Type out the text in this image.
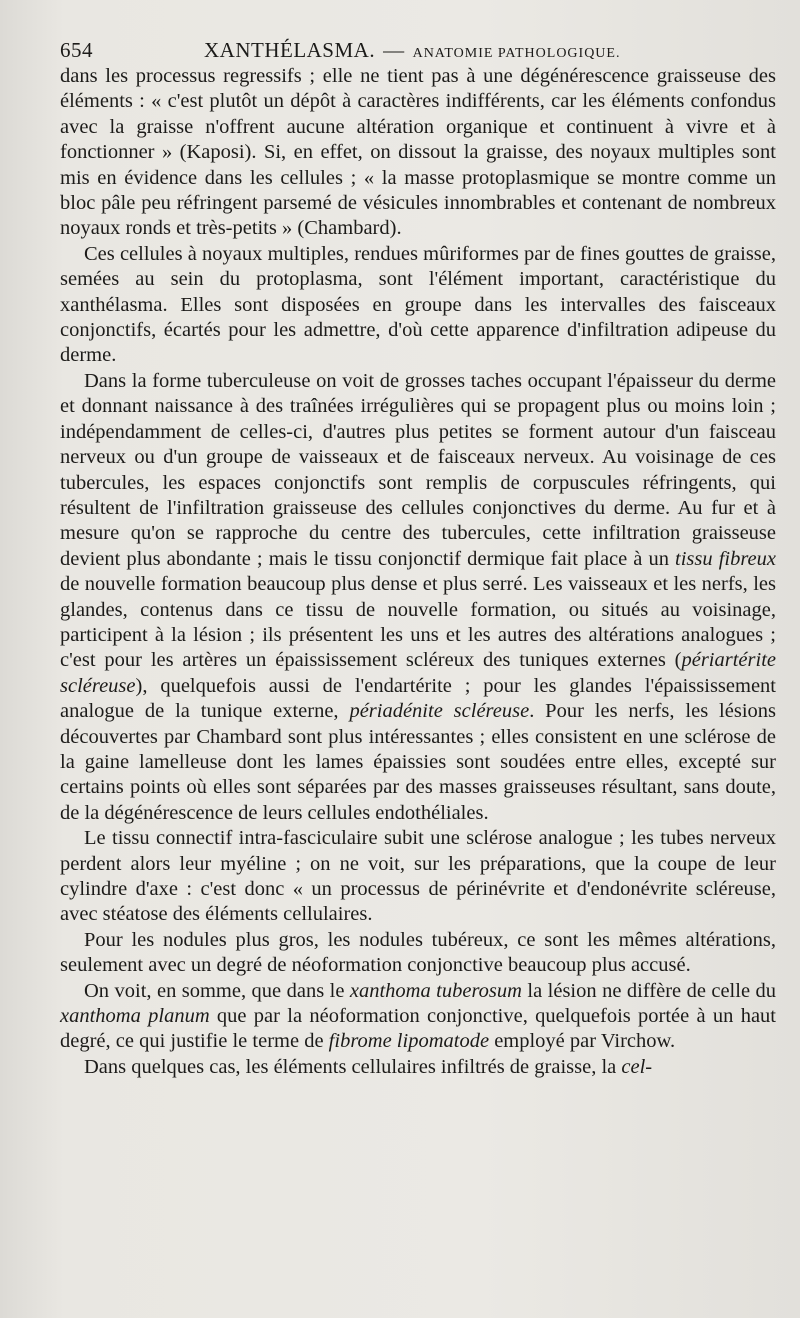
654	XANTHÉLASMA. — ANATOMIE PATHOLOGIQUE.

dans les processus regressifs ; elle ne tient pas à une dégénérescence graisseuse des éléments : « c'est plutôt un dépôt à caractères indifférents, car les éléments confondus avec la graisse n'offrent aucune altération organique et continuent à vivre et à fonctionner » (Kaposi). Si, en effet, on dissout la graisse, des noyaux multiples sont mis en évidence dans les cellules ; « la masse protoplasmique se montre comme un bloc pâle peu réfringent parsemé de vésicules innombrables et contenant de nombreux noyaux ronds et très-petits » (Chambard).

Ces cellules à noyaux multiples, rendues mûriformes par de fines gouttes de graisse, semées au sein du protoplasma, sont l'élément important, caractéristique du xanthélasma. Elles sont disposées en groupe dans les intervalles des faisceaux conjonctifs, écartés pour les admettre, d'où cette apparence d'infiltration adipeuse du derme.

Dans la forme tuberculeuse on voit de grosses taches occupant l'épaisseur du derme et donnant naissance à des traînées irrégulières qui se propagent plus ou moins loin ; indépendamment de celles-ci, d'autres plus petites se forment autour d'un faisceau nerveux ou d'un groupe de vaisseaux et de faisceaux nerveux. Au voisinage de ces tubercules, les espaces conjonctifs sont remplis de corpuscules réfringents, qui résultent de l'infiltration graisseuse des cellules conjonctives du derme. Au fur et à mesure qu'on se rapproche du centre des tubercules, cette infiltration graisseuse devient plus abondante ; mais le tissu conjonctif dermique fait place à un tissu fibreux de nouvelle formation beaucoup plus dense et plus serré. Les vaisseaux et les nerfs, les glandes, contenus dans ce tissu de nouvelle formation, ou situés au voisinage, participent à la lésion ; ils présentent les uns et les autres des altérations analogues ; c'est pour les artères un épaississement scléreux des tuniques externes (périartérite scléreuse), quelquefois aussi de l'endartérite ; pour les glandes l'épaississement analogue de la tunique externe, périadénite scléreuse. Pour les nerfs, les lésions découvertes par Chambard sont plus intéressantes ; elles consistent en une sclérose de la gaine lamelleuse dont les lames épaissies sont soudées entre elles, excepté sur certains points où elles sont séparées par des masses graisseuses résultant, sans doute, de la dégénérescence de leurs cellules endothéliales.

Le tissu connectif intra-fasciculaire subit une sclérose analogue ; les tubes nerveux perdent alors leur myéline ; on ne voit, sur les préparations, que la coupe de leur cylindre d'axe : c'est donc « un processus de périnévrite et d'endonévrite scléreuse, avec stéatose des éléments cellulaires.

Pour les nodules plus gros, les nodules tubéreux, ce sont les mêmes altérations, seulement avec un degré de néoformation conjonctive beaucoup plus accusé.

On voit, en somme, que dans le xanthoma tuberosum la lésion ne diffère de celle du xanthoma planum que par la néoformation conjonctive, quelquefois portée à un haut degré, ce qui justifie le terme de fibrome lipomatode employé par Virchow.

Dans quelques cas, les éléments cellulaires infiltrés de graisse, la cel-
